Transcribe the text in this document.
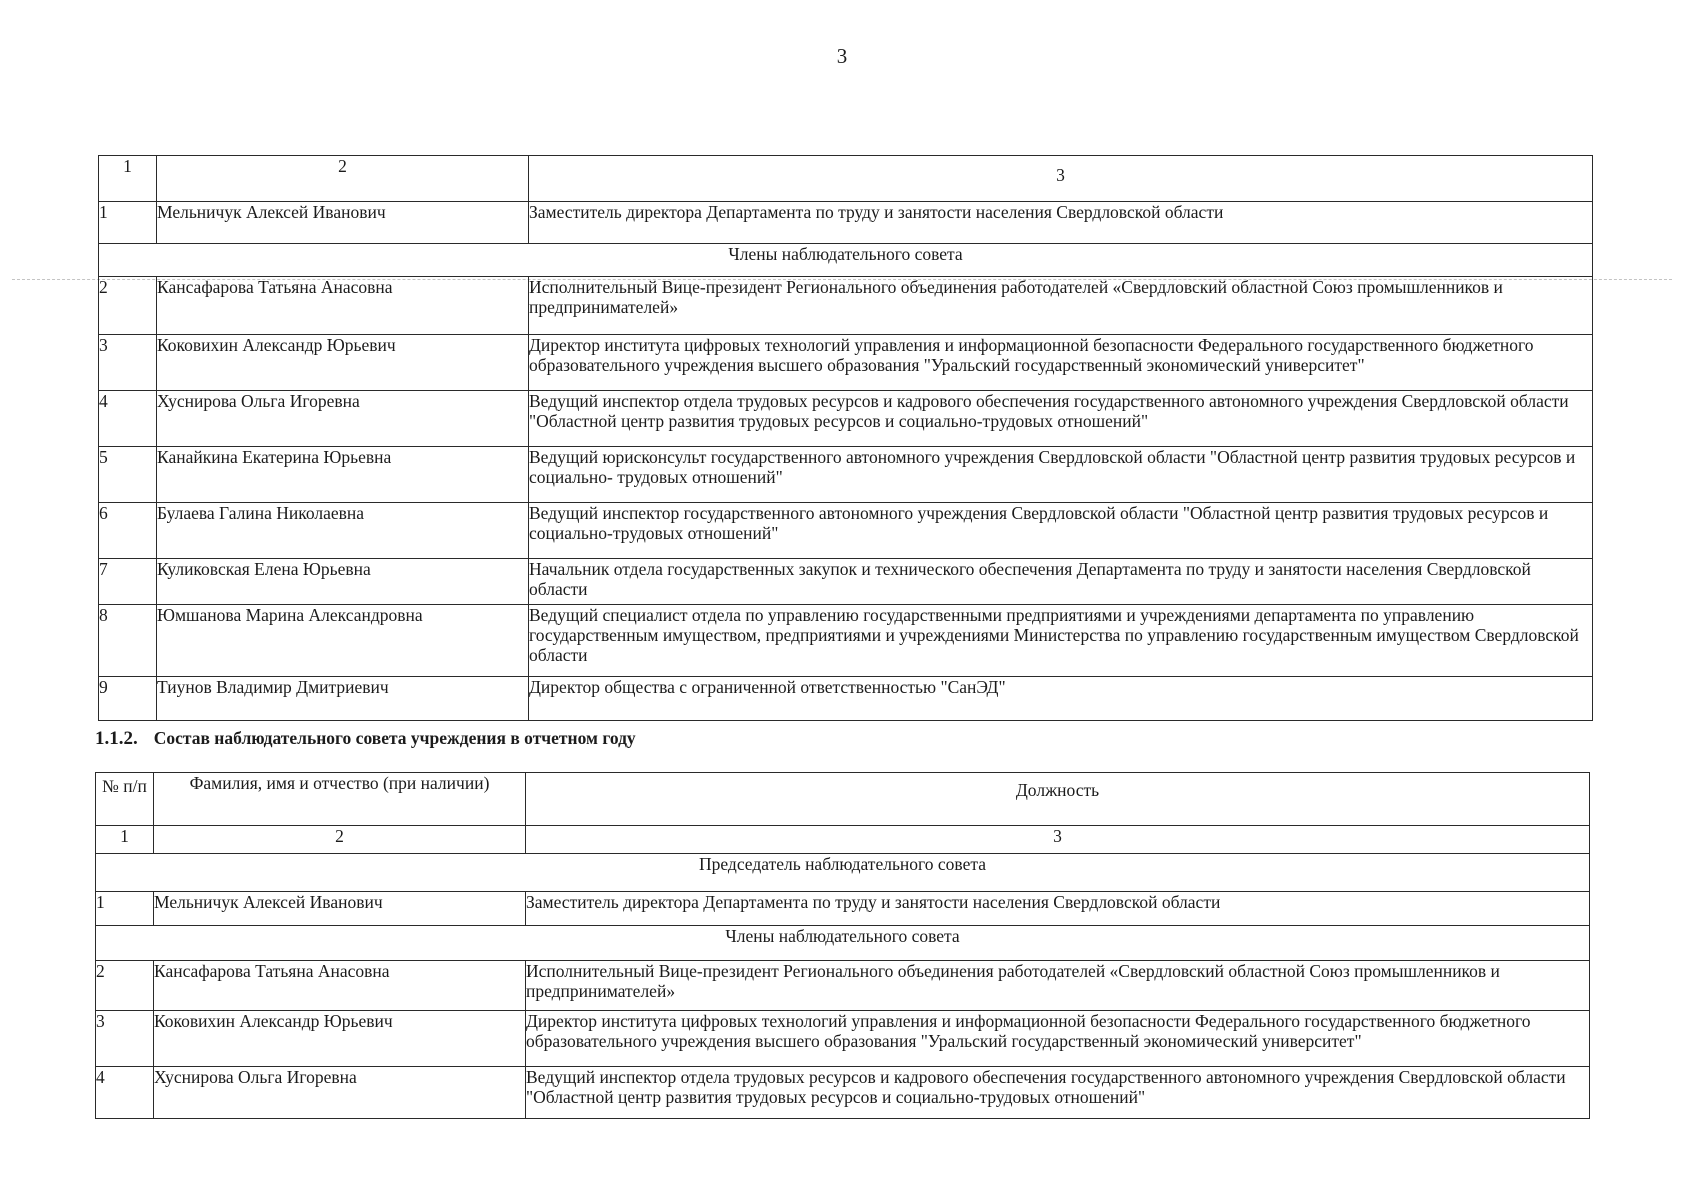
3
1	2	3
1	Мельничук Алексей Иванович	Заместитель директора Департамента по труду и занятости населения Свердловской области
Члены наблюдательного совета		
2	Кансафарова Татьяна Анасовна	Исполнительный Вице-президент Регионального объединения работодателей «Свердловский областной Союз промышленников и предпринимателей»
3	Коковихин Александр Юрьевич	Директор института цифровых технологий управления и информационной безопасности Федерального государственного бюджетного образовательного учреждения высшего образования "Уральский государственный экономический университет"
4	Хуснирова Ольга Игоревна	Ведущий инспектор отдела трудовых ресурсов и кадрового обеспечения государственного автономного учреждения Свердловской области "Областной центр развития трудовых ресурсов и социально-трудовых отношений"
5	Канайкина Екатерина Юрьевна	Ведущий юрисконсульт государственного автономного учреждения Свердловской области "Областной центр развития трудовых ресурсов и социально- трудовых отношений"
6	Булаева Галина Николаевна	Ведущий инспектор государственного автономного учреждения Свердловской области "Областной центр развития трудовых ресурсов и социально-трудовых отношений"
7	Куликовская Елена Юрьевна	Начальник отдела государственных закупок и технического обеспечения Департамента по труду и занятости населения Свердловской области
8	Юмшанова Марина Александровна	Ведущий специалист отдела по управлению государственными предприятиями и учреждениями департамента по управлению государственным имуществом, предприятиями и учреждениями Министерства по управлению государственным имуществом Свердловской области
9	Тиунов Владимир Дмитриевич	Директор общества с ограниченной ответственностью "СанЭД"
1.1.2. Состав наблюдательного совета учреждения в отчетном году
№ п/п	Фамилия, имя и отчество (при наличии)	Должность
1	2	3
Председатель наблюдательного совета		
1	Мельничук Алексей Иванович	Заместитель директора Департамента по труду и занятости населения Свердловской области
Члены наблюдательного совета		
2	Кансафарова Татьяна Анасовна	Исполнительный Вице-президент Регионального объединения работодателей «Свердловский областной Союз промышленников и предпринимателей»
3	Коковихин Александр Юрьевич	Директор института цифровых технологий управления и информационной безопасности Федерального государственного бюджетного образовательного учреждения высшего образования "Уральский государственный экономический университет"
4	Хуснирова Ольга Игоревна	Ведущий инспектор отдела трудовых ресурсов и кадрового обеспечения государственного автономного учреждения Свердловской области "Областной центр развития трудовых ресурсов и социально-трудовых отношений"
